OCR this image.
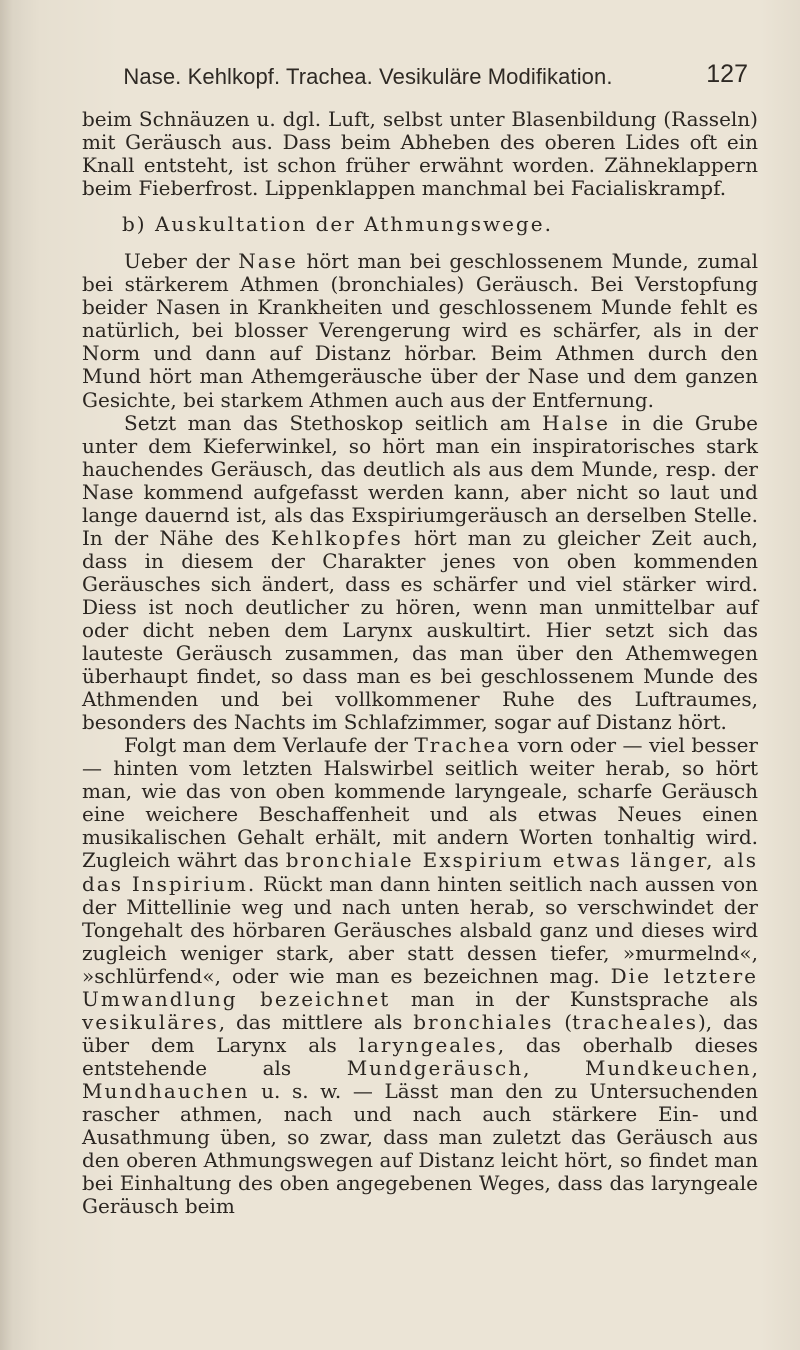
Nase. Kehlkopf. Trachea. Vesikuläre Modifikation.	127

beim Schnäuzen u. dgl. Luft, selbst unter Blasenbildung (Rasseln) mit Geräusch aus. Dass beim Abheben des oberen Lides oft ein Knall entsteht, ist schon früher erwähnt worden. Zähneklappern beim Fieberfrost. Lippenklappen manchmal bei Facialiskrampf.

b) Auskultation der Athmungswege.

Ueber der Nase hört man bei geschlossenem Munde, zumal bei stärkerem Athmen (bronchiales) Geräusch. Bei Verstopfung beider Nasen in Krankheiten und geschlossenem Munde fehlt es natürlich, bei blosser Verengerung wird es schärfer, als in der Norm und dann auf Distanz hörbar. Beim Athmen durch den Mund hört man Athemgeräusche über der Nase und dem ganzen Gesichte, bei starkem Athmen auch aus der Entfernung.

Setzt man das Stethoskop seitlich am Halse in die Grube unter dem Kieferwinkel, so hört man ein inspiratorisches stark hauchendes Geräusch, das deutlich als aus dem Munde, resp. der Nase kommend aufgefasst werden kann, aber nicht so laut und lange dauernd ist, als das Exspiriumgeräusch an derselben Stelle. In der Nähe des Kehlkopfes hört man zu gleicher Zeit auch, dass in diesem der Charakter jenes von oben kommenden Geräusches sich ändert, dass es schärfer und viel stärker wird. Diess ist noch deutlicher zu hören, wenn man unmittelbar auf oder dicht neben dem Larynx auskultirt. Hier setzt sich das lauteste Geräusch zusammen, das man über den Athemwegen überhaupt findet, so dass man es bei geschlossenem Munde des Athmenden und bei vollkommener Ruhe des Luftraumes, besonders des Nachts im Schlafzimmer, sogar auf Distanz hört.

Folgt man dem Verlaufe der Trachea vorn oder — viel besser — hinten vom letzten Halswirbel seitlich weiter herab, so hört man, wie das von oben kommende laryngeale, scharfe Geräusch eine weichere Beschaffenheit und als etwas Neues einen musikalischen Gehalt erhält, mit andern Worten tonhaltig wird. Zugleich währt das bronchiale Exspirium etwas länger, als das Inspirium. Rückt man dann hinten seitlich nach aussen von der Mittellinie weg und nach unten herab, so verschwindet der Tongehalt des hörbaren Geräusches alsbald ganz und dieses wird zugleich weniger stark, aber statt dessen tiefer, »murmelnd«, »schlürfend«, oder wie man es bezeichnen mag. Die letztere Umwandlung bezeichnet man in der Kunstsprache als vesikuläres, das mittlere als bronchiales (tracheales), das über dem Larynx als laryngeales, das oberhalb dieses entstehende als Mundgeräusch, Mundkeuchen, Mundhauchen u. s. w. — Lässt man den zu Untersuchenden rascher athmen, nach und nach auch stärkere Ein- und Ausathmung üben, so zwar, dass man zuletzt das Geräusch aus den oberen Athmungswegen auf Distanz leicht hört, so findet man bei Einhaltung des oben angegebenen Weges, dass das laryngeale Geräusch beim
